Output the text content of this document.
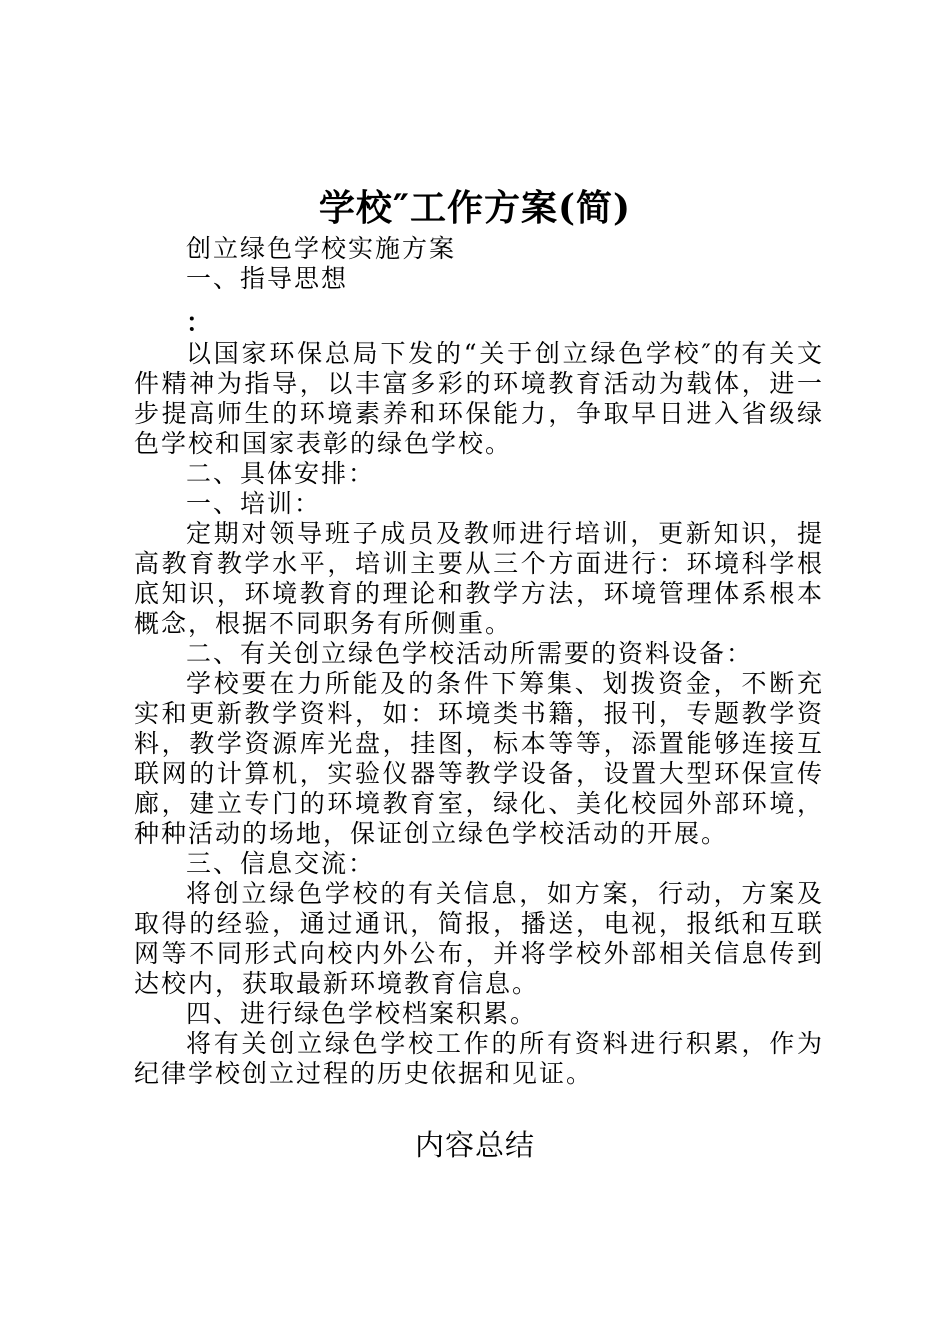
学校″工作方案(简)

创立绿色学校实施方案

一、指导思想

：

以国家环保总局下发的“关于创立绿色学校″的有关文件精神为指导，以丰富多彩的环境教育活动为载体，进一步提高师生的环境素养和环保能力，争取早日进入省级绿色学校和国家表彰的绿色学校。

二、具体安排：

一、培训：

定期对领导班子成员及教师进行培训，更新知识，提高教育教学水平，培训主要从三个方面进行：环境科学根底知识，环境教育的理论和教学方法，环境管理体系根本概念，根据不同职务有所侧重。

二、有关创立绿色学校活动所需要的资料设备：

学校要在力所能及的条件下筹集、划拨资金，不断充实和更新教学资料，如：环境类书籍，报刊，专题教学资料，教学资源库光盘，挂图，标本等等，添置能够连接互联网的计算机，实验仪器等教学设备，设置大型环保宣传廊，建立专门的环境教育室，绿化、美化校园外部环境，种种活动的场地，保证创立绿色学校活动的开展。

三、信息交流：

将创立绿色学校的有关信息，如方案，行动，方案及取得的经验，通过通讯，简报，播送，电视，报纸和互联网等不同形式向校内外公布，并将学校外部相关信息传到达校内，获取最新环境教育信息。

四、进行绿色学校档案积累。

将有关创立绿色学校工作的所有资料进行积累，作为纪律学校创立过程的历史依据和见证。

内容总结
